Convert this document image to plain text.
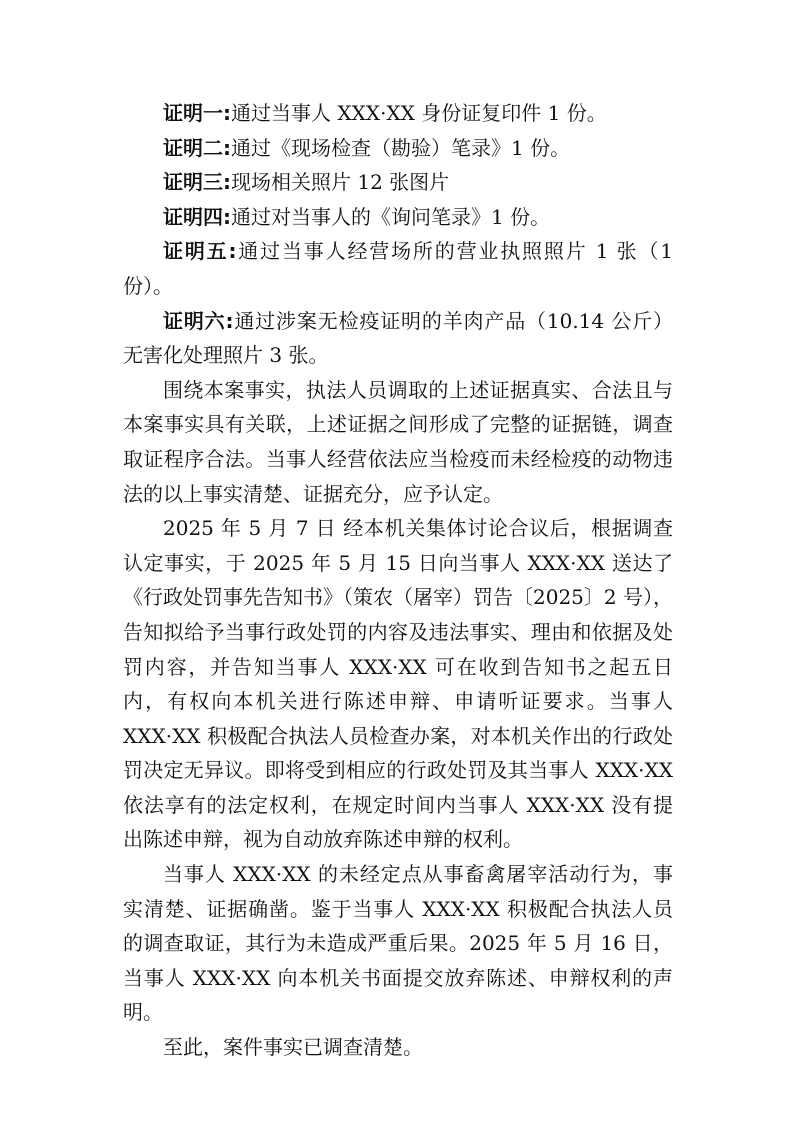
证明一:通过当事人 XXX·XX 身份证复印件 1 份。

证明二:通过《现场检查（勘验）笔录》1 份。

证明三:现场相关照片 12 张图片

证明四:通过对当事人的《询问笔录》1 份。

证明五:通过当事人经营场所的营业执照照片 1 张（1 份）。

证明六:通过涉案无检疫证明的羊肉产品（10.14 公斤）无害化处理照片 3 张。

围绕本案事实，执法人员调取的上述证据真实、合法且与本案事实具有关联，上述证据之间形成了完整的证据链，调查取证程序合法。当事人经营依法应当检疫而未经检疫的动物违法的以上事实清楚、证据充分，应予认定。

2025 年 5 月 7 日 经本机关集体讨论合议后，根据调查认定事实，于 2025 年 5 月 15 日向当事人 XXX·XX 送达了《行政处罚事先告知书》（策农（屠宰）罚告〔2025〕2 号），告知拟给予当事行政处罚的内容及违法事实、理由和依据及处罚内容，并告知当事人 XXX·XX 可在收到告知书之起五日内，有权向本机关进行陈述申辩、申请听证要求。当事人 XXX·XX 积极配合执法人员检查办案，对本机关作出的行政处罚决定无异议。即将受到相应的行政处罚及其当事人 XXX·XX 依法享有的法定权利，在规定时间内当事人 XXX·XX 没有提出陈述申辩，视为自动放弃陈述申辩的权利。

当事人 XXX·XX 的未经定点从事畜禽屠宰活动行为，事实清楚、证据确凿。鉴于当事人 XXX·XX 积极配合执法人员的调查取证，其行为未造成严重后果。2025 年 5 月 16 日，当事人 XXX·XX 向本机关书面提交放弃陈述、申辩权利的声明。

至此，案件事实已调查清楚。
